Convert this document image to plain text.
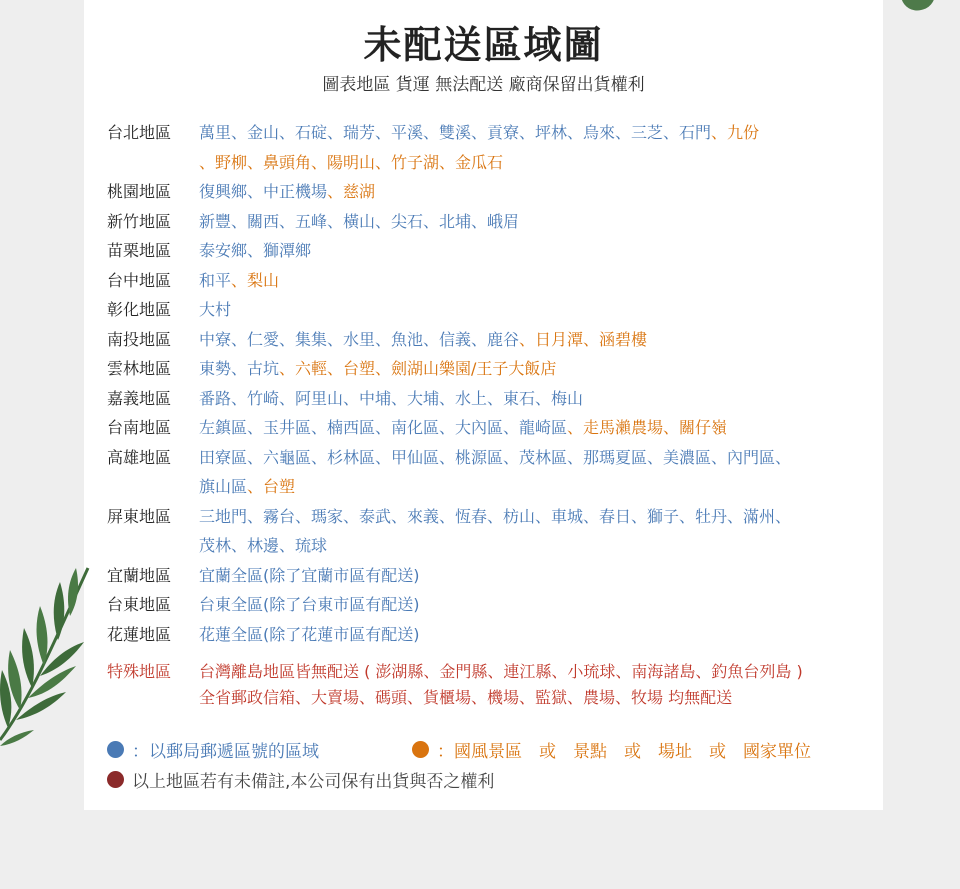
未配送區域圖
圖表地區 貨運 無法配送 廠商保留出貨權利
台北地區	萬里、金山、石碇、瑞芳、平溪、雙溪、貢寮、坪林、烏來、三芝、石門、九份
、野柳、鼻頭角、陽明山、竹子湖、金瓜石
桃園地區	復興鄉、中正機場、慈湖
新竹地區	新豐、關西、五峰、橫山、尖石、北埔、峨眉
苗栗地區	泰安鄉、獅潭鄉
台中地區	和平、梨山
彰化地區	大村
南投地區	中寮、仁愛、集集、水里、魚池、信義、鹿谷、日月潭、涵碧樓
雲林地區	東勢、古坑、六輕、台塑、劍湖山樂園/王子大飯店
嘉義地區	番路、竹崎、阿里山、中埔、大埔、水上、東石、梅山
台南地區	左鎮區、玉井區、楠西區、南化區、大內區、龍崎區、走馬瀨農場、關仔嶺
高雄地區	田寮區、六龜區、杉林區、甲仙區、桃源區、茂林區、那瑪夏區、美濃區、內門區、
旗山區、台塑
屏東地區	三地門、霧台、瑪家、泰武、來義、恆春、枋山、車城、春日、獅子、牡丹、滿州、
茂林、林邊、琉球
宜蘭地區	宜蘭全區(除了宜蘭市區有配送)
台東地區	台東全區(除了台東市區有配送)
花蓮地區	花蓮全區(除了花蓮市區有配送)
特殊地區	台灣離島地區皆無配送 ( 澎湖縣、金門縣、連江縣、小琉球、南海諸島、釣魚台列島 )
全省郵政信箱、大賣場、碼頭、貨櫃場、機場、監獄、農場、牧場 均無配送
：以郵局郵遞區號的區域	：國風景區　或　景點　或　場址　或　國家單位
以上地區若有未備註,本公司保有出貨與否之權利
